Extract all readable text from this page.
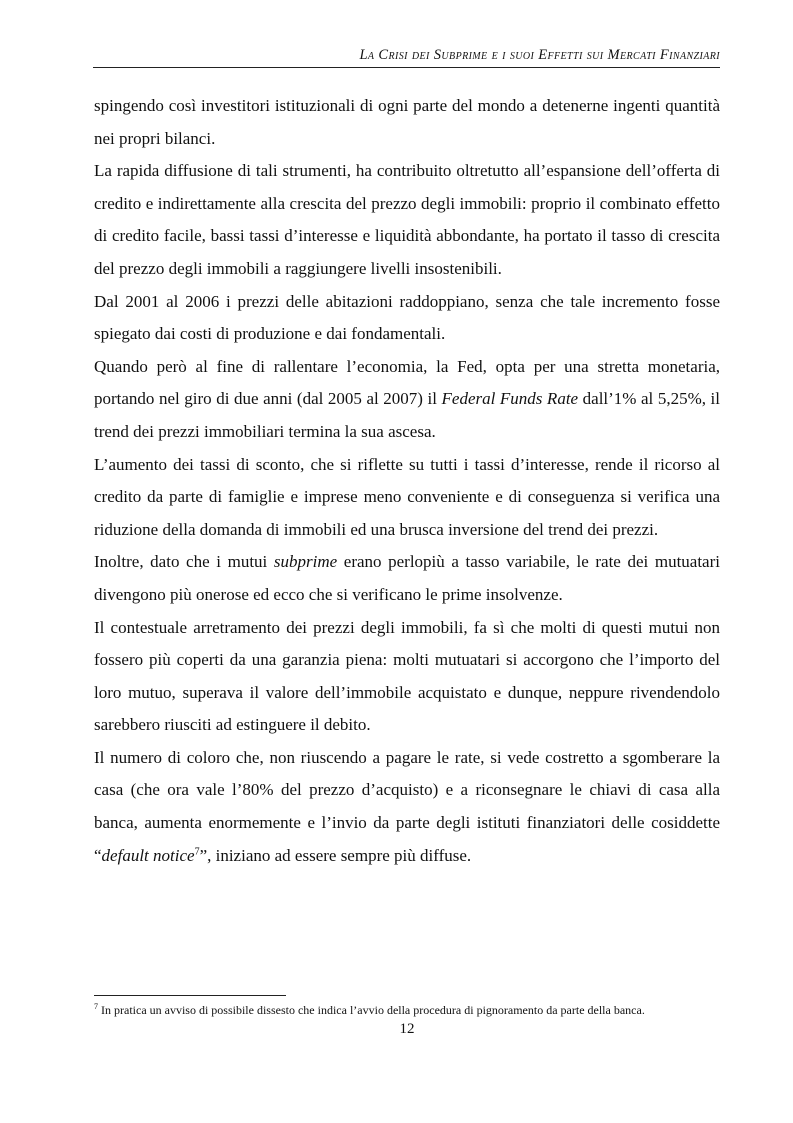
La Crisi dei Subprime e i suoi Effetti sui Mercati Finanziari

spingendo così investitori istituzionali di ogni parte del mondo a detenerne ingenti quantità nei propri bilanci.

La rapida diffusione di tali strumenti, ha contribuito oltretutto all’espansione dell’offerta di credito e indirettamente alla crescita del prezzo degli immobili: proprio il combinato effetto di credito facile, bassi tassi d’interesse e liquidità abbondante, ha portato il tasso di crescita del prezzo degli immobili a raggiungere livelli insostenibili.

Dal 2001 al 2006 i prezzi delle abitazioni raddoppiano, senza che tale incremento fosse spiegato dai costi di produzione e dai fondamentali.

Quando però al fine di rallentare l’economia, la Fed, opta per una stretta monetaria, portando nel giro di due anni (dal 2005 al 2007) il Federal Funds Rate dall’1% al 5,25%, il trend dei prezzi immobiliari termina la sua ascesa.

L’aumento dei tassi di sconto, che si riflette su tutti i tassi d’interesse, rende il ricorso al credito da parte di famiglie e imprese meno conveniente e di conseguenza si verifica una riduzione della domanda di immobili ed una brusca inversione del trend dei prezzi.

Inoltre, dato che i mutui subprime erano perlopiù a tasso variabile, le rate dei mutuatari divengono più onerose ed ecco che si verificano le prime insolvenze.

Il contestuale arretramento dei prezzi degli immobili, fa sì che molti di questi mutui non fossero più coperti da una garanzia piena: molti mutuatari si accorgono che l’importo del loro mutuo, superava il valore dell’immobile acquistato e dunque, neppure rivendendolo sarebbero riusciti ad estinguere il debito.

Il numero di coloro che, non riuscendo a pagare le rate, si vede costretto a sgomberare la casa (che ora vale l’80% del prezzo d’acquisto) e a riconsegnare le chiavi di casa alla banca, aumenta enormemente e l’invio da parte degli istituti finanziatori delle cosiddette “default notice$^7$”, iniziano ad essere sempre più diffuse.

$^7$ In pratica un avviso di possibile dissesto che indica l’avvio della procedura di pignoramento da parte della banca.
12
